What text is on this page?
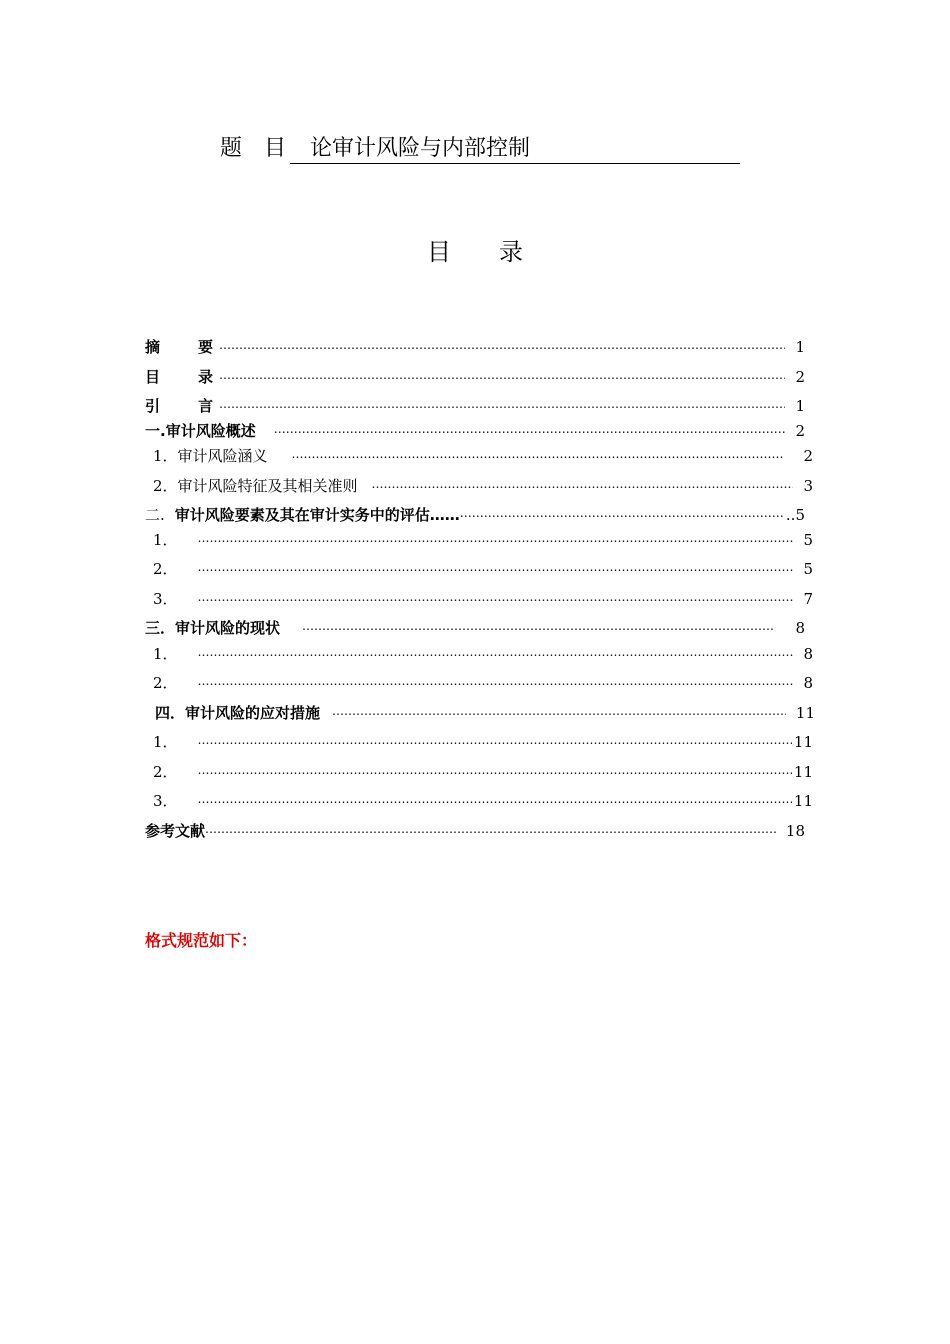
题 目 论审计风险与内部控制
目录
摘	要 …………………………………………………………………………………………………………………………………………………………………………………………………………	1
目	录 …………………………………………………………………………………………………………………………………………………………………………………………………………	2
引	言 …………………………………………………………………………………………………………………………………………………………………………………………………………	1
一.审计风险概述 …………………………………………………………………………………………………………………………………………………………………………………………………………	2
1．审计风险涵义 …………………………………………………………………………………………………………………………………………………………………………………………………………	2
2．审计风险特征及其相关准则 …………………………………………………………………………………………………………………………………………………………………………………………………………	3
二. 审计风险要素及其在审计实务中的评估…… …………………………………………………………………………………………………………………………………………………………………………………………………………	..5
1． …………………………………………………………………………………………………………………………………………………………………………………………………………	5
2． …………………………………………………………………………………………………………………………………………………………………………………………………………	5
3． …………………………………………………………………………………………………………………………………………………………………………………………………………	7
三．审计风险的现状 …………………………………………………………………………………………………………………………………………………………………………………………………………	8
1． …………………………………………………………………………………………………………………………………………………………………………………………………………	8
2． …………………………………………………………………………………………………………………………………………………………………………………………………………	8
四．审计风险的应对措施 …………………………………………………………………………………………………………………………………………………………………………………………………………	11
1． …………………………………………………………………………………………………………………………………………………………………………………………………………	11
2． …………………………………………………………………………………………………………………………………………………………………………………………………………	11
3． …………………………………………………………………………………………………………………………………………………………………………………………………………	11
参考文献 …………………………………………………………………………………………………………………………………………………………………………………………………………	18
格式规范如下：
